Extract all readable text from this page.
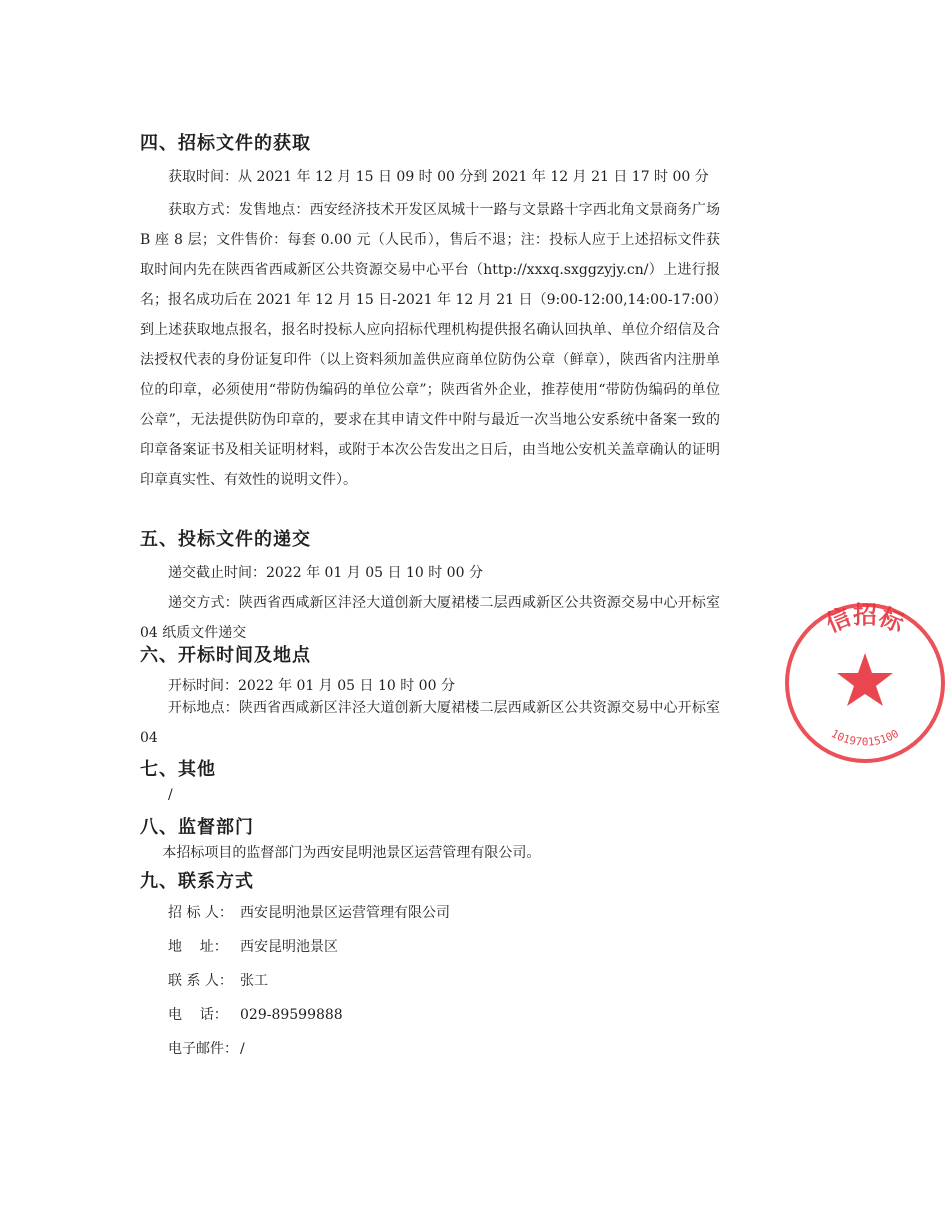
四、招标文件的获取

获取时间：从 2021 年 12 月 15 日 09 时 00 分到 2021 年 12 月 21 日 17 时 00 分

获取方式：发售地点：西安经济技术开发区凤城十一路与文景路十字西北角文景商务广场 B 座 8 层；文件售价：每套 0.00 元（人民币），售后不退；注：投标人应于上述招标文件获取时间内先在陕西省西咸新区公共资源交易中心平台（http://xxxq.sxggzyjy.cn/）上进行报名；报名成功后在 2021 年 12 月 15 日-2021 年 12 月 21 日（9:00-12:00,14:00-17:00）到上述获取地点报名，报名时投标人应向招标代理机构提供报名确认回执单、单位介绍信及合法授权代表的身份证复印件（以上资料须加盖供应商单位防伪公章（鲜章），陕西省内注册单位的印章，必须使用“带防伪编码的单位公章”；陕西省外企业，推荐使用“带防伪编码的单位公章”，无法提供防伪印章的，要求在其申请文件中附与最近一次当地公安系统中备案一致的印章备案证书及相关证明材料，或附于本次公告发出之日后，由当地公安机关盖章确认的证明印章真实性、有效性的说明文件）。

五、投标文件的递交

递交截止时间：2022 年 01 月 05 日 10 时 00 分

递交方式：陕西省西咸新区沣泾大道创新大厦裙楼二层西咸新区公共资源交易中心开标室 04 纸质文件递交

六、开标时间及地点

开标时间：2022 年 01 月 05 日 10 时 00 分

开标地点：陕西省西咸新区沣泾大道创新大厦裙楼二层西咸新区公共资源交易中心开标室 04

七、其他

/

八、监督部门

本招标项目的监督部门为西安昆明池景区运营管理有限公司。

九、联系方式
招 标 人： 西安昆明池景区运营管理有限公司
地    址： 西安昆明池景区
联 系 人： 张工
电    话： 029-89599888
电子邮件： /
信招标
10197015100
